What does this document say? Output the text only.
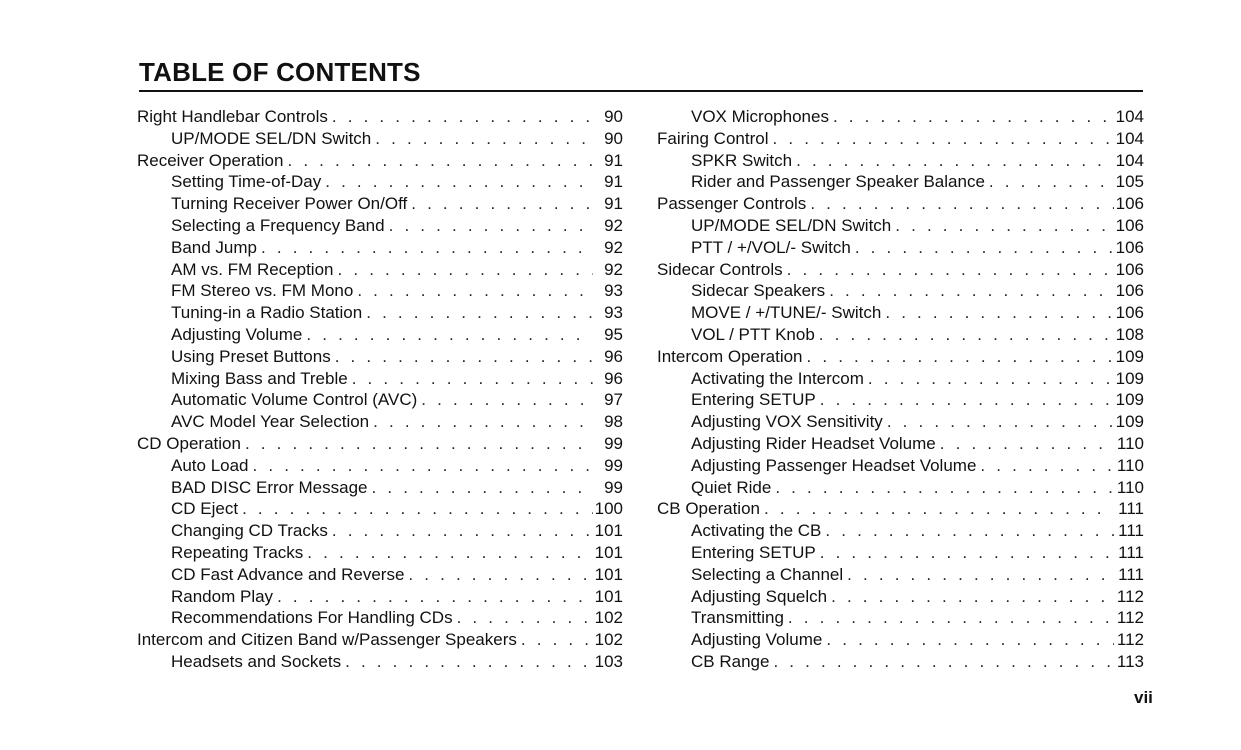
TABLE OF CONTENTS
Right Handlebar Controls . . .	90
UP/MODE SEL/DN Switch . . .	90
Receiver Operation . . .	91
Setting Time-of-Day . . .	91
Turning Receiver Power On/Off . . .	91
Selecting a Frequency Band . . .	92
Band Jump . . .	92
AM vs. FM Reception . . .	92
FM Stereo vs. FM Mono . . .	93
Tuning-in a Radio Station . . .	93
Adjusting Volume . . .	95
Using Preset Buttons . . .	96
Mixing Bass and Treble . . .	96
Automatic Volume Control (AVC) . . .	97
AVC Model Year Selection . . .	98
CD Operation . . .	99
Auto Load . . .	99
BAD DISC Error Message . . .	99
CD Eject . . .	100
Changing CD Tracks . . .	101
Repeating Tracks . . .	101
CD Fast Advance and Reverse . . .	101
Random Play . . .	101
Recommendations For Handling CDs . . .	102
Intercom and Citizen Band w/Passenger Speakers . . .	102
Headsets and Sockets . . .	103
VOX Microphones . . .	104
Fairing Control . . .	104
SPKR Switch . . .	104
Rider and Passenger Speaker Balance . . .	105
Passenger Controls . . .	106
UP/MODE SEL/DN Switch . . .	106
PTT / +/VOL/- Switch . . .	106
Sidecar Controls . . .	106
Sidecar Speakers . . .	106
MOVE / +/TUNE/- Switch . . .	106
VOL / PTT Knob . . .	108
Intercom Operation . . .	109
Activating the Intercom . . .	109
Entering SETUP . . .	109
Adjusting VOX Sensitivity . . .	109
Adjusting Rider Headset Volume . . .	110
Adjusting Passenger Headset Volume . . .	110
Quiet Ride . . .	110
CB Operation . . .	111
Activating the CB . . .	111
Entering SETUP . . .	111
Selecting a Channel . . .	111
Adjusting Squelch . . .	112
Transmitting . . .	112
Adjusting Volume . . .	112
CB Range . . .	113
vii
